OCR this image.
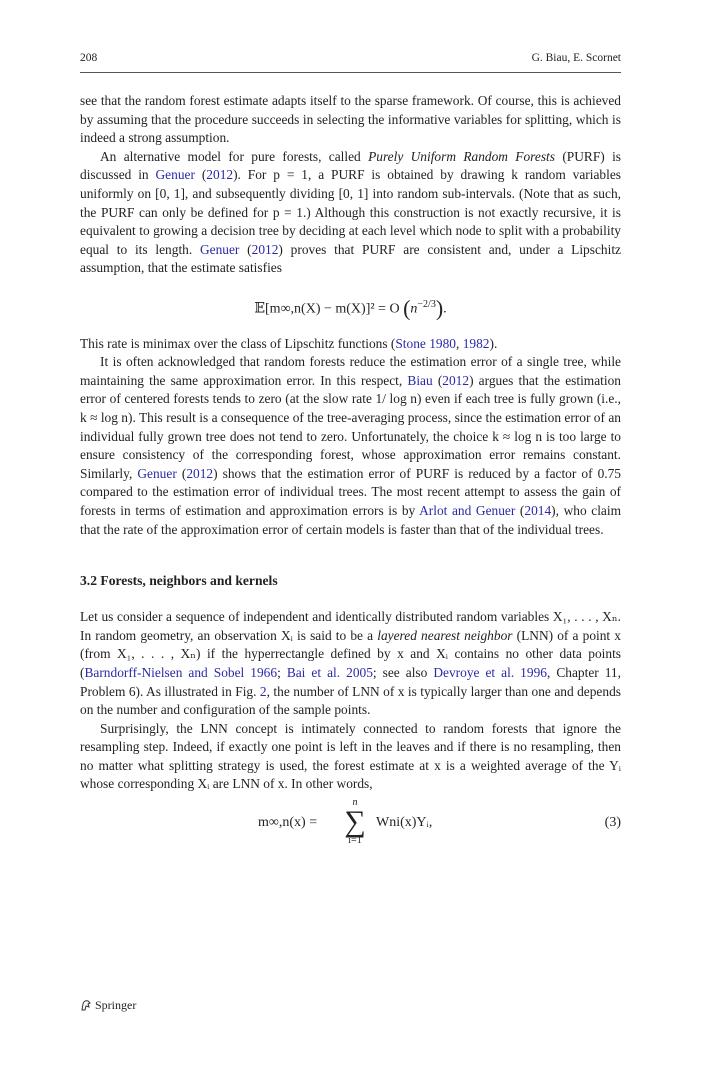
208	G. Biau, E. Scornet

see that the random forest estimate adapts itself to the sparse framework. Of course, this is achieved by assuming that the procedure succeeds in selecting the informative variables for splitting, which is indeed a strong assumption.

An alternative model for pure forests, called Purely Uniform Random Forests (PURF) is discussed in Genuer (2012). For p = 1, a PURF is obtained by drawing k random variables uniformly on [0, 1], and subsequently dividing [0, 1] into random sub-intervals. (Note that as such, the PURF can only be defined for p = 1.) Although this construction is not exactly recursive, it is equivalent to growing a decision tree by deciding at each level which node to split with a probability equal to its length. Genuer (2012) proves that PURF are consistent and, under a Lipschitz assumption, that the estimate satisfies

𝔼[m∞,n(X) − m(X)]² = O $(n^{-2/3})$.

This rate is minimax over the class of Lipschitz functions (Stone 1980, 1982).

It is often acknowledged that random forests reduce the estimation error of a single tree, while maintaining the same approximation error. In this respect, Biau (2012) argues that the estimation error of centered forests tends to zero (at the slow rate 1/ log n) even if each tree is fully grown (i.e., k ≈ log n). This result is a consequence of the tree-averaging process, since the estimation error of an individual fully grown tree does not tend to zero. Unfortunately, the choice k ≈ log n is too large to ensure consistency of the corresponding forest, whose approximation error remains constant. Similarly, Genuer (2012) shows that the estimation error of PURF is reduced by a factor of 0.75 compared to the estimation error of individual trees. The most recent attempt to assess the gain of forests in terms of estimation and approximation errors is by Arlot and Genuer (2014), who claim that the rate of the approximation error of certain models is faster than that of the individual trees.

3.2 Forests, neighbors and kernels

Let us consider a sequence of independent and identically distributed random variables X₁, . . . , Xₙ. In random geometry, an observation Xᵢ is said to be a layered nearest neighbor (LNN) of a point x (from X₁, . . . , Xₙ) if the hyperrectangle defined by x and Xᵢ contains no other data points (Barndorff-Nielsen and Sobel 1966; Bai et al. 2005; see also Devroye et al. 1996, Chapter 11, Problem 6). As illustrated in Fig. 2, the number of LNN of x is typically larger than one and depends on the number and configuration of the sample points.

Surprisingly, the LNN concept is intimately connected to random forests that ignore the resampling step. Indeed, if exactly one point is left in the leaves and if there is no resampling, then no matter what splitting strategy is used, the forest estimate at x is a weighted average of the Yᵢ whose corresponding Xᵢ are LNN of x. In other words,

m∞,n(x) =
n
∑
i=1
Wni(x)Yᵢ,	(3)
Springer
